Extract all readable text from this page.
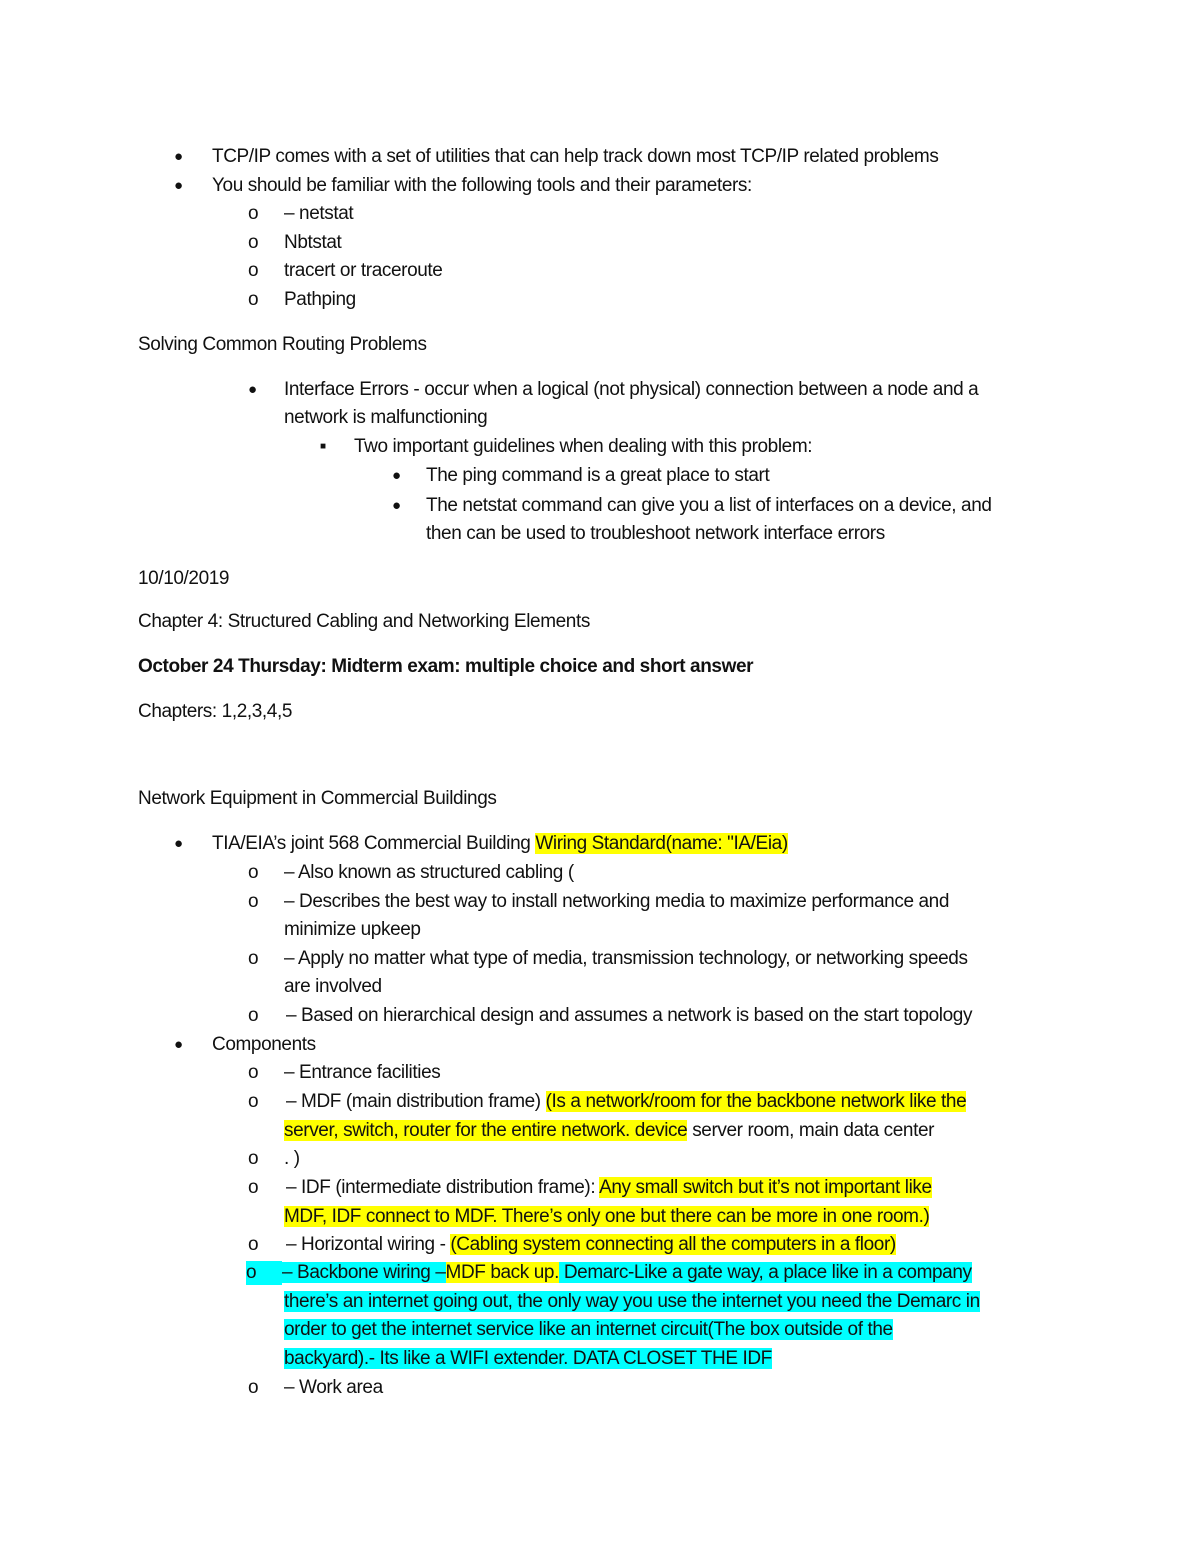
● TCP/IP comes with a set of utilities that can help track down most TCP/IP related problems
● You should be familiar with the following tools and their parameters:
o – netstat
o Nbtstat
o tracert or traceroute
o Pathping
Solving Common Routing Problems
● Interface Errors - occur when a logical (not physical) connection between a node and a
network is malfunctioning
■ Two important guidelines when dealing with this problem:
● The ping command is a great place to start
● The netstat command can give you a list of interfaces on a device, and
then can be used to troubleshoot network interface errors
10/10/2019
Chapter 4: Structured Cabling and Networking Elements
October 24 Thursday: Midterm exam: multiple choice and short answer
Chapters: 1,2,3,4,5
Network Equipment in Commercial Buildings
● TIA/EIA’s joint 568 Commercial Building Wiring Standard(name: "IA/Eia)
o – Also known as structured cabling (
o – Describes the best way to install networking media to maximize performance and
minimize upkeep
o – Apply no matter what type of media, transmission technology, or networking speeds
are involved
o – Based on hierarchical design and assumes a network is based on the start topology
● Components
o – Entrance facilities
o – MDF (main distribution frame) (Is a network/room for the backbone network like the
server, switch, router for the entire network. device server room, main data center
o . )
o – IDF (intermediate distribution frame): Any small switch but it’s not important like
MDF, IDF connect to MDF. There’s only one but there can be more in one room.)
o – Horizontal wiring - (Cabling system connecting all the computers in a floor)
o	– Backbone wiring –MDF back up. Demarc-Like a gate way, a place like in a company
there’s an internet going out, the only way you use the internet you need the Demarc in
order to get the internet service like an internet circuit(The box outside of the
backyard).- Its like a WIFI extender. DATA CLOSET THE IDF
o – Work area
